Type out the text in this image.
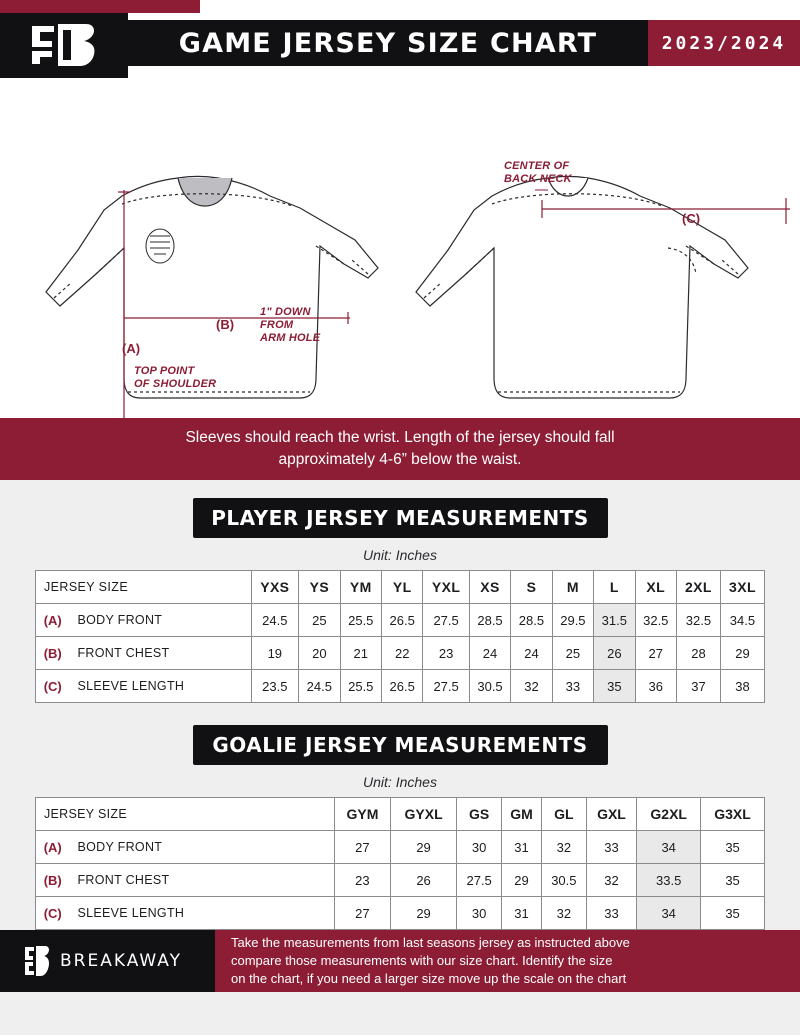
GAME JERSEY SIZE CHART	2023/2024
CENTER OF
BACK NECK
(C)
(B)
1" DOWN
FROM
ARM HOLE
(A)
TOP POINT
OF SHOULDER

Sleeves should reach the wrist. Length of the jersey should fall
approximately 4-6” below the waist.

PLAYER JERSEY MEASUREMENTS
Unit: Inches
JERSEY SIZE		YXS	YS	YM	YL	YXL	XS	S	M	L	XL	2XL	3XL
(A)	BODY FRONT	24.5	25	25.5	26.5	27.5	28.5	28.5	29.5	31.5	32.5	32.5	34.5
(B)	FRONT CHEST	19	20	21	22	23	24	24	25	26	27	28	29
(C)	SLEEVE LENGTH	23.5	24.5	25.5	26.5	27.5	30.5	32	33	35	36	37	38
GOALIE JERSEY MEASUREMENTS
Unit: Inches
JERSEY SIZE		GYM	GYXL	GS	GM	GL	GXL	G2XL	G3XL
(A)	BODY FRONT	27	29	30	31	32	33	34	35
(B)	FRONT CHEST	23	26	27.5	29	30.5	32	33.5	35
(C)	SLEEVE LENGTH	27	29	30	31	32	33	34	35
BREAKAWAY

Take the measurements from last seasons jersey as instructed above
compare those measurements with our size chart. Identify the size
on the chart, if you need a larger size move up the scale on the chart
